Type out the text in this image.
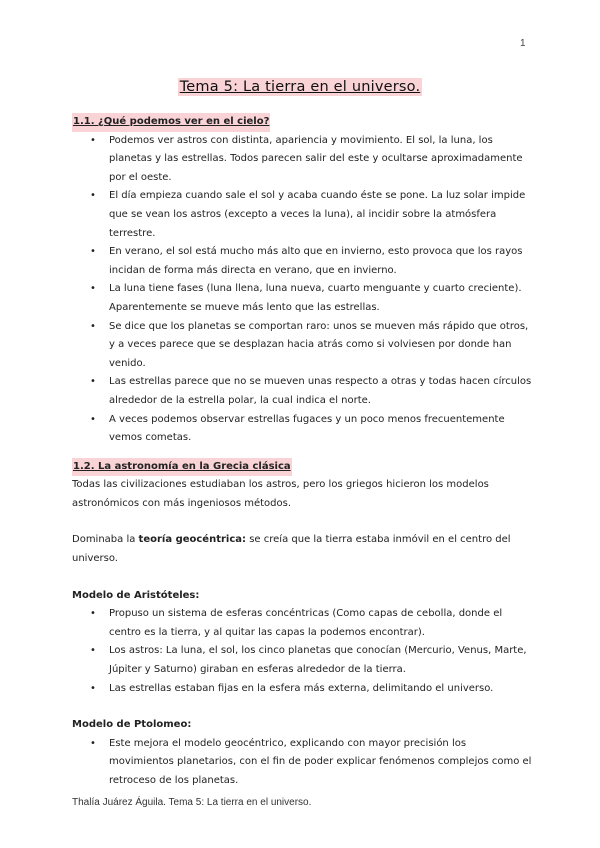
1
Tema 5: La tierra en el universo.
1.1. ¿Qué podemos ver en el cielo?
• Podemos ver astros con distinta, apariencia y movimiento. El sol, la luna, los planetas y las estrellas. Todos parecen salir del este y ocultarse aproximadamente por el oeste.
• El día empieza cuando sale el sol y acaba cuando éste se pone. La luz solar impide que se vean los astros (excepto a veces la luna), al incidir sobre la atmósfera terrestre.
• En verano, el sol está mucho más alto que en invierno, esto provoca que los rayos incidan de forma más directa en verano, que en invierno.
• La luna tiene fases (luna llena, luna nueva, cuarto menguante y cuarto creciente). Aparentemente se mueve más lento que las estrellas.
• Se dice que los planetas se comportan raro: unos se mueven más rápido que otros, y a veces parece que se desplazan hacia atrás como si volviesen por donde han venido.
• Las estrellas parece que no se mueven unas respecto a otras y todas hacen círculos alrededor de la estrella polar, la cual indica el norte.
• A veces podemos observar estrellas fugaces y un poco menos frecuentemente vemos cometas.
1.2. La astronomía en la Grecia clásica

Todas las civilizaciones estudiaban los astros, pero los griegos hicieron los modelos astronómicos con más ingeniosos métodos.

Dominaba la teoría geocéntrica: se creía que la tierra estaba inmóvil en el centro del universo.

Modelo de Aristóteles:

• Propuso un sistema de esferas concéntricas (Como capas de cebolla, donde el centro es la tierra, y al quitar las capas la podemos encontrar).
• Los astros: La luna, el sol, los cinco planetas que conocían (Mercurio, Venus, Marte, Júpiter y Saturno) giraban en esferas alrededor de la tierra.
• Las estrellas estaban fijas en la esfera más externa, delimitando el universo.

Modelo de Ptolomeo:

• Este mejora el modelo geocéntrico, explicando con mayor precisión los movimientos planetarios, con el fin de poder explicar fenómenos complejos como el retroceso de los planetas.
Thalía Juárez Águila. Tema 5: La tierra en el universo.
